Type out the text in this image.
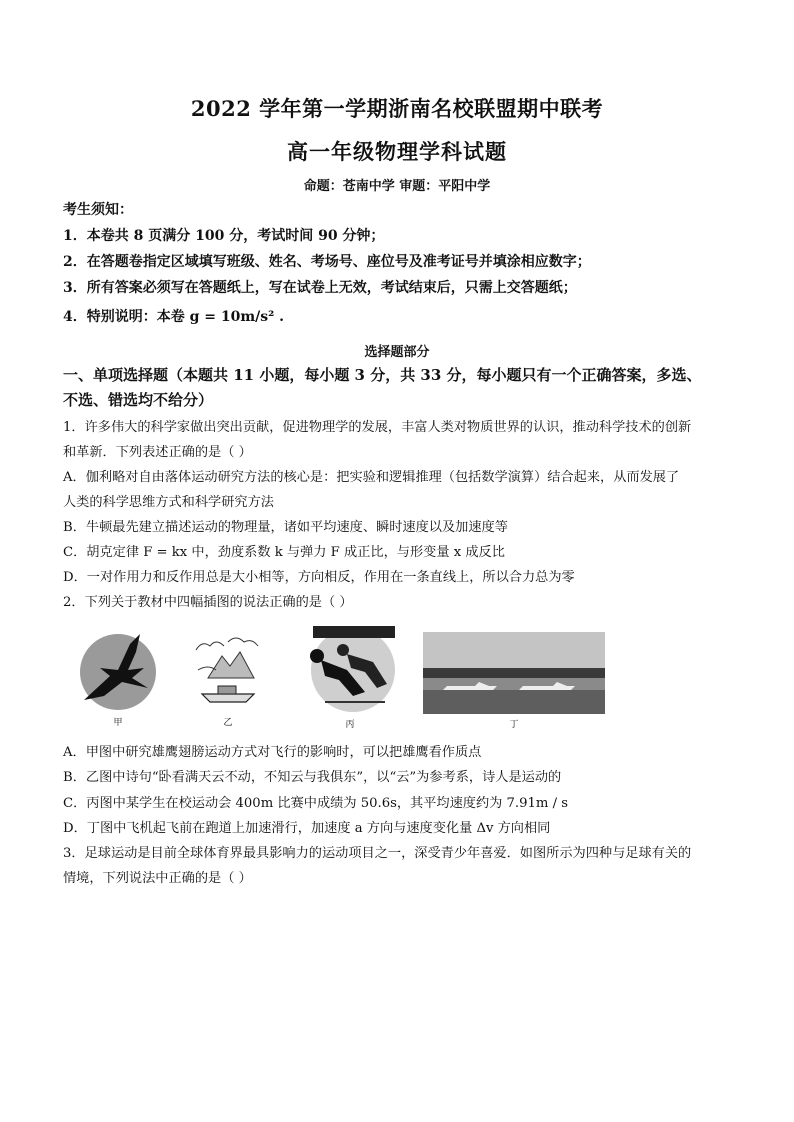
2022 学年第一学期浙南名校联盟期中联考
高一年级物理学科试题
命题：苍南中学 审题：平阳中学
考生须知：
1．本卷共 8 页满分 100 分，考试时间 90 分钟；
2．在答题卷指定区域填写班级、姓名、考场号、座位号及准考证号并填涂相应数字；
3．所有答案必须写在答题纸上，写在试卷上无效，考试结束后，只需上交答题纸；
4．特别说明：本卷 g = 10m/s² .
选择题部分
一、单项选择题（本题共 11 小题，每小题 3 分，共 33 分，每小题只有一个正确答案，多选、
不选、错选均不给分）
1．许多伟大的科学家做出突出贡献，促进物理学的发展，丰富人类对物质世界的认识，推动科学技术的创新
和革新．下列表述正确的是（ ）
A．伽利略对自由落体运动研究方法的核心是：把实验和逻辑推理（包括数学演算）结合起来，从而发展了
人类的科学思维方式和科学研究方法
B．牛顿最先建立描述运动的物理量，诸如平均速度、瞬时速度以及加速度等
C．胡克定律 F = kx 中，劲度系数 k 与弹力 F 成正比，与形变量 x 成反比
D．一对作用力和反作用总是大小相等，方向相反，作用在一条直线上，所以合力总为零
2．下列关于教材中四幅插图的说法正确的是（ ）
甲	乙	丙	丁
A．甲图中研究雄鹰翅膀运动方式对飞行的影响时，可以把雄鹰看作质点
B．乙图中诗句“卧看满天云不动，不知云与我俱东”，以“云”为参考系，诗人是运动的
C．丙图中某学生在校运动会 400m 比赛中成绩为 50.6s，其平均速度约为 7.91m / s
D．丁图中飞机起飞前在跑道上加速滑行，加速度 a 方向与速度变化量 Δv 方向相同
3．足球运动是目前全球体育界最具影响力的运动项目之一，深受青少年喜爱．如图所示为四种与足球有关的
情境，下列说法中正确的是（ ）
